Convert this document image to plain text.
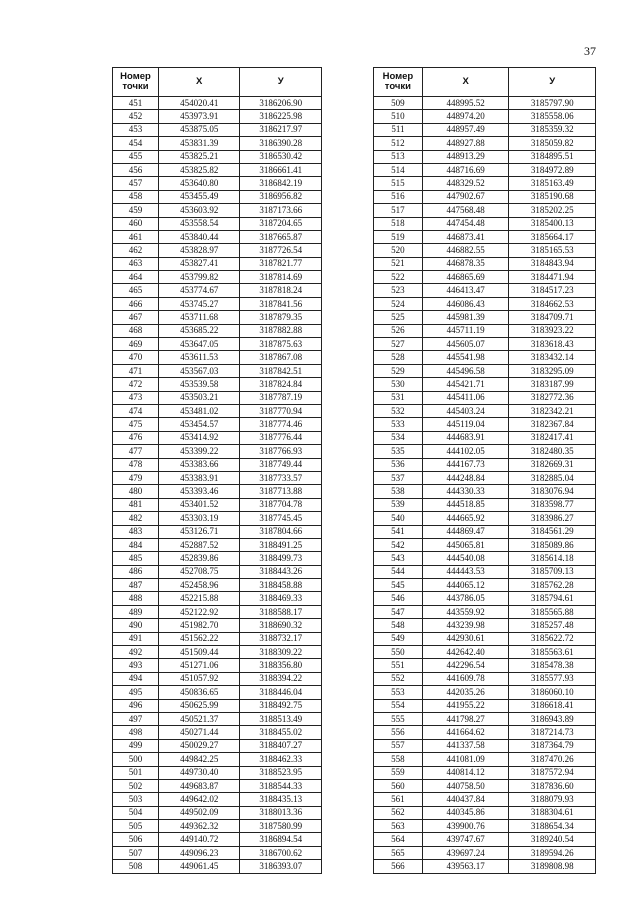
37
Номер
точки	X	У
451	454020.41	3186206.90
452	453973.91	3186225.98
453	453875.05	3186217.97
454	453831.39	3186390.28
455	453825.21	3186530.42
456	453825.82	3186661.41
457	453640.80	3186842.19
458	453455.49	3186956.82
459	453603.92	3187173.66
460	453558.54	3187204.65
461	453840.44	3187665.87
462	453828.97	3187726.54
463	453827.41	3187821.77
464	453799.82	3187814.69
465	453774.67	3187818.24
466	453745.27	3187841.56
467	453711.68	3187879.35
468	453685.22	3187882.88
469	453647.05	3187875.63
470	453611.53	3187867.08
471	453567.03	3187842.51
472	453539.58	3187824.84
473	453503.21	3187787.19
474	453481.02	3187770.94
475	453454.57	3187774.46
476	453414.92	3187776.44
477	453399.22	3187766.93
478	453383.66	3187749.44
479	453383.91	3187733.57
480	453393.46	3187713.88
481	453401.52	3187704.78
482	453303.19	3187745.45
483	453126.71	3187804.66
484	452887.52	3188491.25
485	452839.86	3188499.73
486	452708.75	3188443.26
487	452458.96	3188458.88
488	452215.88	3188469.33
489	452122.92	3188588.17
490	451982.70	3188690.32
491	451562.22	3188732.17
492	451509.44	3188309.22
493	451271.06	3188356.80
494	451057.92	3188394.22
495	450836.65	3188446.04
496	450625.99	3188492.75
497	450521.37	3188513.49
498	450271.44	3188455.02
499	450029.27	3188407.27
500	449842.25	3188462.33
501	449730.40	3188523.95
502	449683.87	3188544.33
503	449642.02	3188435.13
504	449502.09	3188013.36
505	449362.32	3187580.99
506	449140.72	3186894.54
507	449096.23	3186700.62
508	449061.45	3186393.07
Номер
точки	X	У
509	448995.52	3185797.90
510	448974.20	3185558.06
511	448957.49	3185359.32
512	448927.88	3185059.82
513	448913.29	3184895.51
514	448716.69	3184972.89
515	448329.52	3185163.49
516	447902.67	3185190.68
517	447568.48	3185202.25
518	447454.48	3185400.13
519	446873.41	3185664.17
520	446882.55	3185165.53
521	446878.35	3184843.94
522	446865.69	3184471.94
523	446413.47	3184517.23
524	446086.43	3184662.53
525	445981.39	3184709.71
526	445711.19	3183923.22
527	445605.07	3183618.43
528	445541.98	3183432.14
529	445496.58	3183295.09
530	445421.71	3183187.99
531	445411.06	3182772.36
532	445403.24	3182342.21
533	445119.04	3182367.84
534	444683.91	3182417.41
535	444102.05	3182480.35
536	444167.73	3182669.31
537	444248.84	3182885.04
538	444330.33	3183076.94
539	444518.85	3183598.77
540	444665.92	3183986.27
541	444869.47	3184561.29
542	445065.81	3185089.86
543	444540.08	3185614.18
544	444443.53	3185709.13
545	444065.12	3185762.28
546	443786.05	3185794.61
547	443559.92	3185565.88
548	443239.98	3185257.48
549	442930.61	3185622.72
550	442642.40	3185563.61
551	442296.54	3185478.38
552	441609.78	3185577.93
553	442035.26	3186060.10
554	441955.22	3186618.41
555	441798.27	3186943.89
556	441664.62	3187214.73
557	441337.58	3187364.79
558	441081.09	3187470.26
559	440814.12	3187572.94
560	440758.50	3187836.60
561	440437.84	3188079.93
562	440345.86	3188304.61
563	439900.76	3188654.34
564	439747.67	3189240.54
565	439697.24	3189594.26
566	439563.17	3189808.98
